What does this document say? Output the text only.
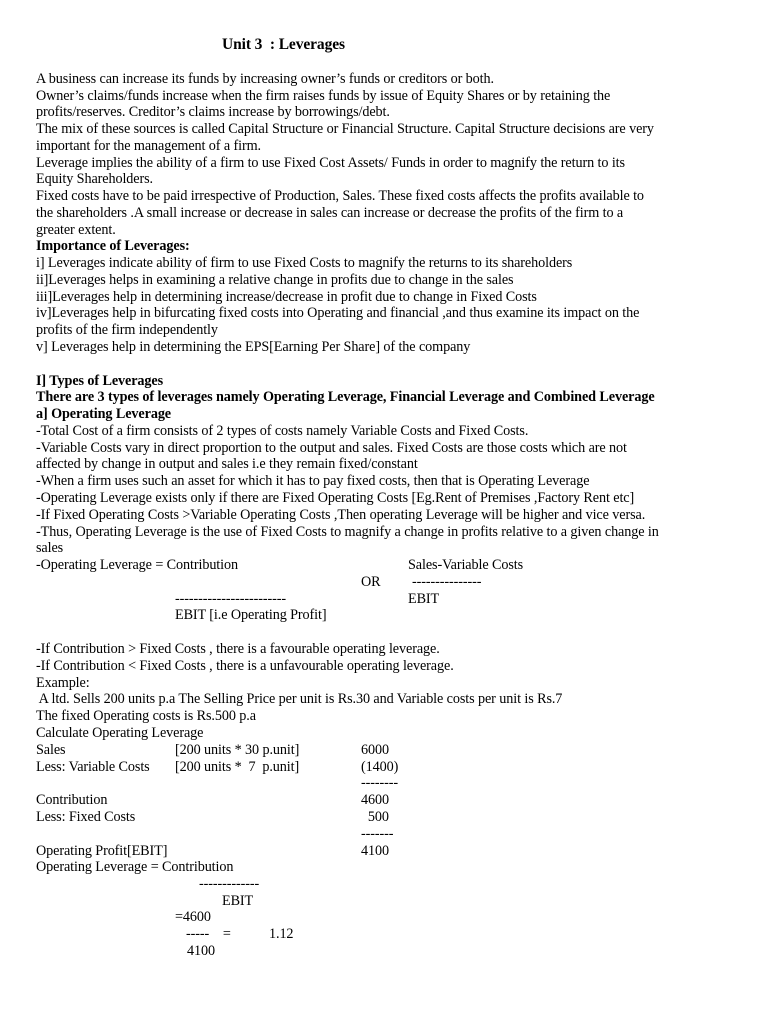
Unit 3  : Leverages
A business can increase its funds by increasing owner’s funds or creditors or both.
Owner’s claims/funds increase when the firm raises funds by issue of Equity Shares or by retaining the
profits/reserves. Creditor’s claims increase by borrowings/debt.
The mix of these sources is called Capital Structure or Financial Structure. Capital Structure decisions are very
important for the management of a firm.
Leverage implies the ability of a firm to use Fixed Cost Assets/ Funds in order to magnify the return to its
Equity Shareholders.
Fixed costs have to be paid irrespective of Production, Sales. These fixed costs affects the profits available to
the shareholders .A small increase or decrease in sales can increase or decrease the profits of the firm to a
greater extent.
Importance of Leverages:
i] Leverages indicate ability of firm to use Fixed Costs to magnify the returns to its shareholders
ii]Leverages helps in examining a relative change in profits due to change in the sales
iii]Leverages help in determining increase/decrease in profit due to change in Fixed Costs
iv]Leverages help in bifurcating fixed costs into Operating and financial ,and thus examine its impact on the
profits of the firm independently
v] Leverages help in determining the EPS[Earning Per Share] of the company
I] Types of Leverages
There are 3 types of leverages namely Operating Leverage, Financial Leverage and Combined Leverage
a] Operating Leverage
-Total Cost of a firm consists of 2 types of costs namely Variable Costs and Fixed Costs.
-Variable Costs vary in direct proportion to the output and sales. Fixed Costs are those costs which are not
affected by change in output and sales i.e they remain fixed/constant
-When a firm uses such an asset for which it has to pay fixed costs, then that is Operating Leverage
-Operating Leverage exists only if there are Fixed Operating Costs [Eg.Rent of Premises ,Factory Rent etc]
-If Fixed Operating Costs >Variable Operating Costs ,Then operating Leverage will be higher and vice versa.
-Thus, Operating Leverage is the use of Fixed Costs to magnify a change in profits relative to a given change in
sales
-Operating Leverage = Contribution	Sales-Variable Costs
OR ---------------
------------------------	EBIT
EBIT [i.e Operating Profit]
-If Contribution > Fixed Costs , there is a favourable operating leverage.
-If Contribution < Fixed Costs , there is a unfavourable operating leverage.
Example:
A ltd. Sells 200 units p.a The Selling Price per unit is Rs.30 and Variable costs per unit is Rs.7
The fixed Operating costs is Rs.500 p.a
Calculate Operating Leverage
Sales	[200 units * 30 p.unit]	6000
Less: Variable Costs [200 units *  7  p.unit]	(1400)
--------
Contribution	4600
Less: Fixed Costs	500
-------
Operating Profit[EBIT]	4100
Operating Leverage = Contribution
-------------
EBIT
=4600
-----    =	1.12
4100
